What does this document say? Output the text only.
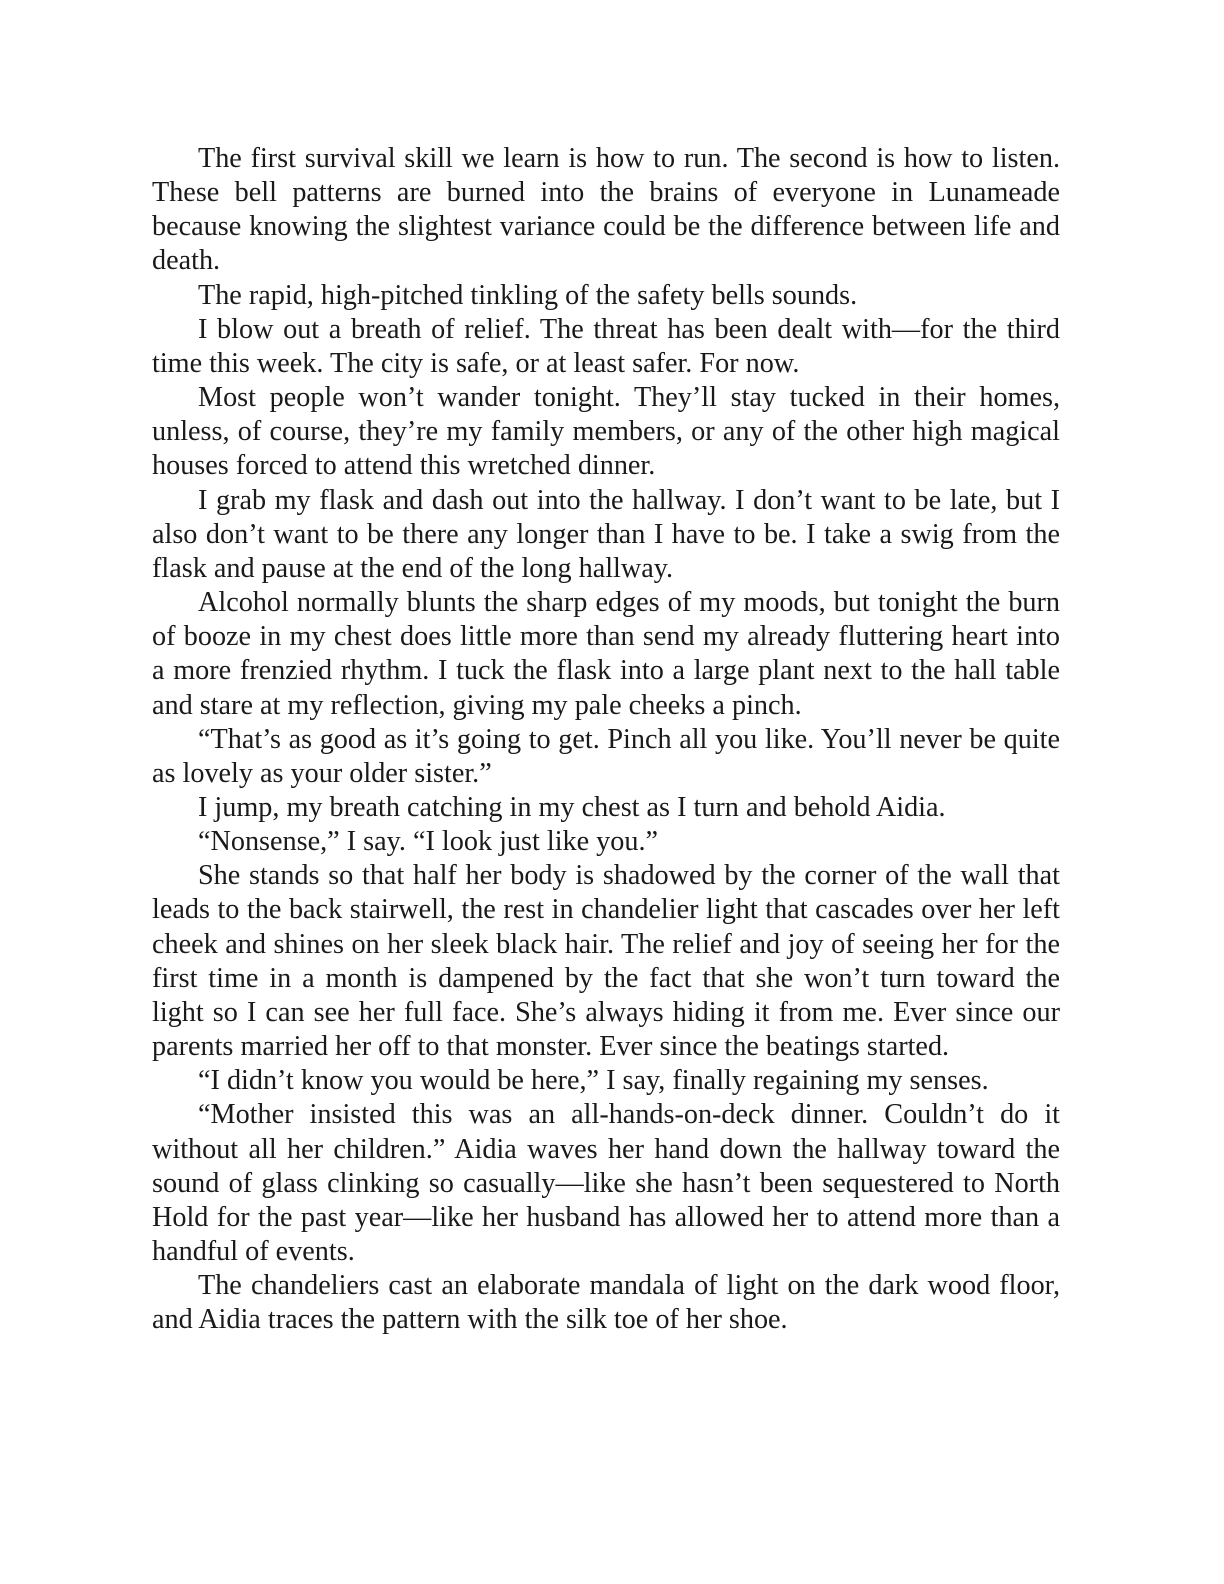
The first survival skill we learn is how to run. The second is how to listen. These bell patterns are burned into the brains of everyone in Lunameade because knowing the slightest variance could be the difference between life and death.

The rapid, high-pitched tinkling of the safety bells sounds.

I blow out a breath of relief. The threat has been dealt with—for the third time this week. The city is safe, or at least safer. For now.

Most people won’t wander tonight. They’ll stay tucked in their homes, unless, of course, they’re my family members, or any of the other high magical houses forced to attend this wretched dinner.

I grab my flask and dash out into the hallway. I don’t want to be late, but I also don’t want to be there any longer than I have to be. I take a swig from the flask and pause at the end of the long hallway.

Alcohol normally blunts the sharp edges of my moods, but tonight the burn of booze in my chest does little more than send my already fluttering heart into a more frenzied rhythm. I tuck the flask into a large plant next to the hall table and stare at my reflection, giving my pale cheeks a pinch.

“That’s as good as it’s going to get. Pinch all you like. You’ll never be quite as lovely as your older sister.”

I jump, my breath catching in my chest as I turn and behold Aidia.

“Nonsense,” I say. “I look just like you.”

She stands so that half her body is shadowed by the corner of the wall that leads to the back stairwell, the rest in chandelier light that cascades over her left cheek and shines on her sleek black hair. The relief and joy of seeing her for the first time in a month is dampened by the fact that she won’t turn toward the light so I can see her full face. She’s always hiding it from me. Ever since our parents married her off to that monster. Ever since the beatings started.

“I didn’t know you would be here,” I say, finally regaining my senses.

“Mother insisted this was an all-hands-on-deck dinner. Couldn’t do it without all her children.” Aidia waves her hand down the hallway toward the sound of glass clinking so casually—like she hasn’t been sequestered to North Hold for the past year—like her husband has allowed her to attend more than a handful of events.

The chandeliers cast an elaborate mandala of light on the dark wood floor, and Aidia traces the pattern with the silk toe of her shoe.
